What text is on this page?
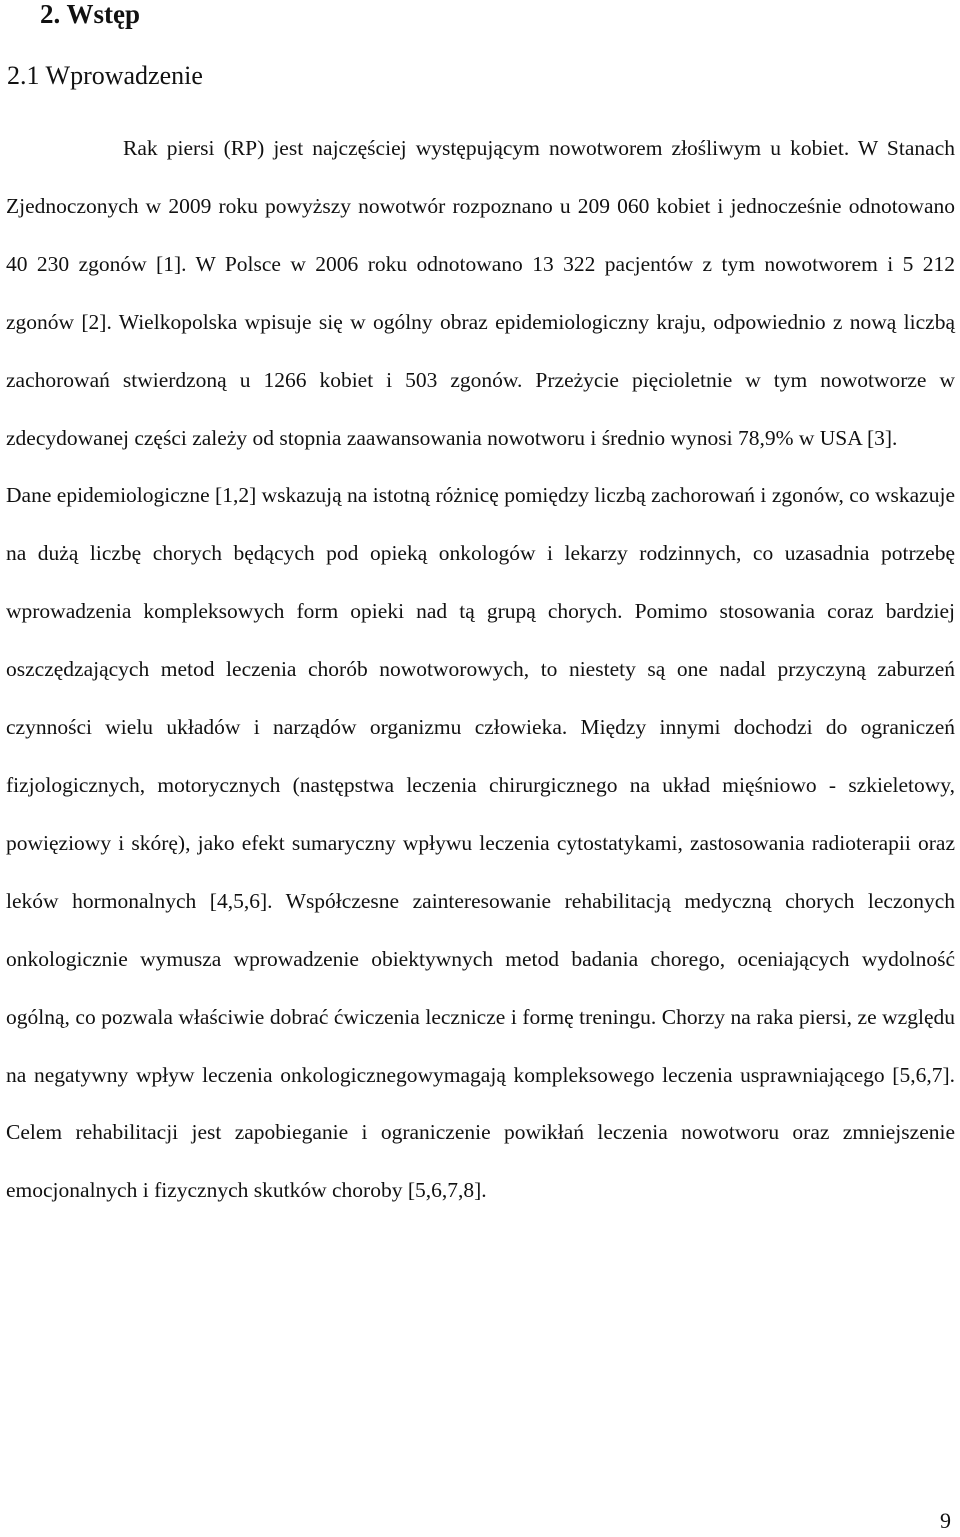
2. Wstęp
2.1 Wprowadzenie

Rak piersi (RP) jest najczęściej występującym nowotworem złośliwym u kobiet. W Stanach Zjednoczonych w 2009 roku powyższy nowotwór rozpoznano u 209 060 kobiet i jednocześnie odnotowano 40 230 zgonów [1]. W Polsce w 2006 roku odnotowano 13 322 pacjentów z tym nowotworem i 5 212 zgonów [2]. Wielkopolska wpisuje się w ogólny obraz epidemiologiczny kraju, odpowiednio z nową liczbą zachorowań stwierdzoną u 1266 kobiet i 503 zgonów. Przeżycie pięcioletnie w tym nowotworze w zdecydowanej części zależy od stopnia zaawansowania nowotworu i średnio wynosi 78,9% w USA [3].

Dane epidemiologiczne [1,2] wskazują na istotną różnicę pomiędzy liczbą zachorowań i zgonów, co wskazuje na dużą liczbę chorych będących pod opieką onkologów i lekarzy rodzinnych, co uzasadnia potrzebę wprowadzenia kompleksowych form opieki nad tą grupą chorych. Pomimo stosowania coraz bardziej oszczędzających metod leczenia chorób nowotworowych, to niestety są one nadal przyczyną zaburzeń czynności wielu układów i narządów organizmu człowieka. Między innymi dochodzi do ograniczeń fizjologicznych, motorycznych (następstwa leczenia chirurgicznego na układ mięśniowo - szkieletowy, powięziowy i skórę), jako efekt sumaryczny wpływu leczenia cytostatykami, zastosowania radioterapii oraz leków hormonalnych [4,5,6]. Współczesne zainteresowanie rehabilitacją medyczną chorych leczonych onkologicznie wymusza wprowadzenie obiektywnych metod badania chorego, oceniających wydolność ogólną, co pozwala właściwie dobrać ćwiczenia lecznicze i formę treningu. Chorzy na raka piersi, ze względu na negatywny wpływ leczenia onkologicznegowymagają kompleksowego leczenia usprawniającego [5,6,7]. Celem rehabilitacji jest zapobieganie i ograniczenie powikłań leczenia nowotworu oraz zmniejszenie emocjonalnych i fizycznych skutków choroby [5,6,7,8].

9
